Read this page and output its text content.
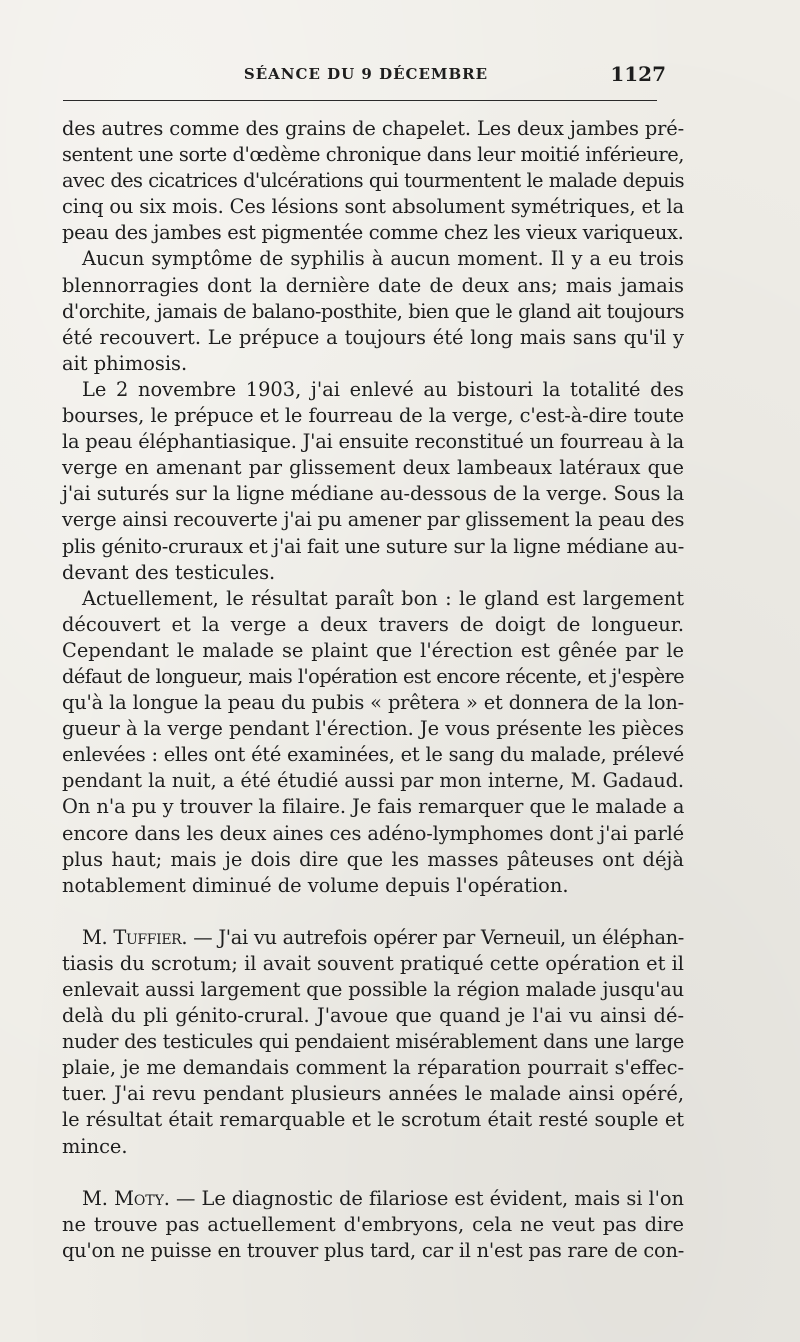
SÉANCE DU 9 DÉCEMBRE	1127

des autres comme des grains de chapelet. Les deux jambes pré-
sentent une sorte d'œdème chronique dans leur moitié inférieure,
avec des cicatrices d'ulcérations qui tourmentent le malade depuis
cinq ou six mois. Ces lésions sont absolument symétriques, et la
peau des jambes est pigmentée comme chez les vieux variqueux.

Aucun symptôme de syphilis à aucun moment. Il y a eu trois
blennorragies dont la dernière date de deux ans; mais jamais
d'orchite, jamais de balano-posthite, bien que le gland ait toujours
été recouvert. Le prépuce a toujours été long mais sans qu'il y
ait phimosis.

Le 2 novembre 1903, j'ai enlevé au bistouri la totalité des
bourses, le prépuce et le fourreau de la verge, c'est-à-dire toute
la peau éléphantiasique. J'ai ensuite reconstitué un fourreau à la
verge en amenant par glissement deux lambeaux latéraux que
j'ai suturés sur la ligne médiane au-dessous de la verge. Sous la
verge ainsi recouverte j'ai pu amener par glissement la peau des
plis génito-cruraux et j'ai fait une suture sur la ligne médiane au-
devant des testicules.

Actuellement, le résultat paraît bon : le gland est largement
découvert et la verge a deux travers de doigt de longueur.
Cependant le malade se plaint que l'érection est gênée par le
défaut de longueur, mais l'opération est encore récente, et j'espère
qu'à la longue la peau du pubis « prêtera » et donnera de la lon-
gueur à la verge pendant l'érection. Je vous présente les pièces
enlevées : elles ont été examinées, et le sang du malade, prélevé
pendant la nuit, a été étudié aussi par mon interne, M. Gadaud.
On n'a pu y trouver la filaire. Je fais remarquer que le malade a
encore dans les deux aines ces adéno-lymphomes dont j'ai parlé
plus haut; mais je dois dire que les masses pâteuses ont déjà
notablement diminué de volume depuis l'opération.

M. Tuffier. — J'ai vu autrefois opérer par Verneuil, un éléphan-
tiasis du scrotum; il avait souvent pratiqué cette opération et il
enlevait aussi largement que possible la région malade jusqu'au
delà du pli génito-crural. J'avoue que quand je l'ai vu ainsi dé-
nuder des testicules qui pendaient misérablement dans une large
plaie, je me demandais comment la réparation pourrait s'effec-
tuer. J'ai revu pendant plusieurs années le malade ainsi opéré,
le résultat était remarquable et le scrotum était resté souple et
mince.

M. Moty. — Le diagnostic de filariose est évident, mais si l'on
ne trouve pas actuellement d'embryons, cela ne veut pas dire
qu'on ne puisse en trouver plus tard, car il n'est pas rare de con-
